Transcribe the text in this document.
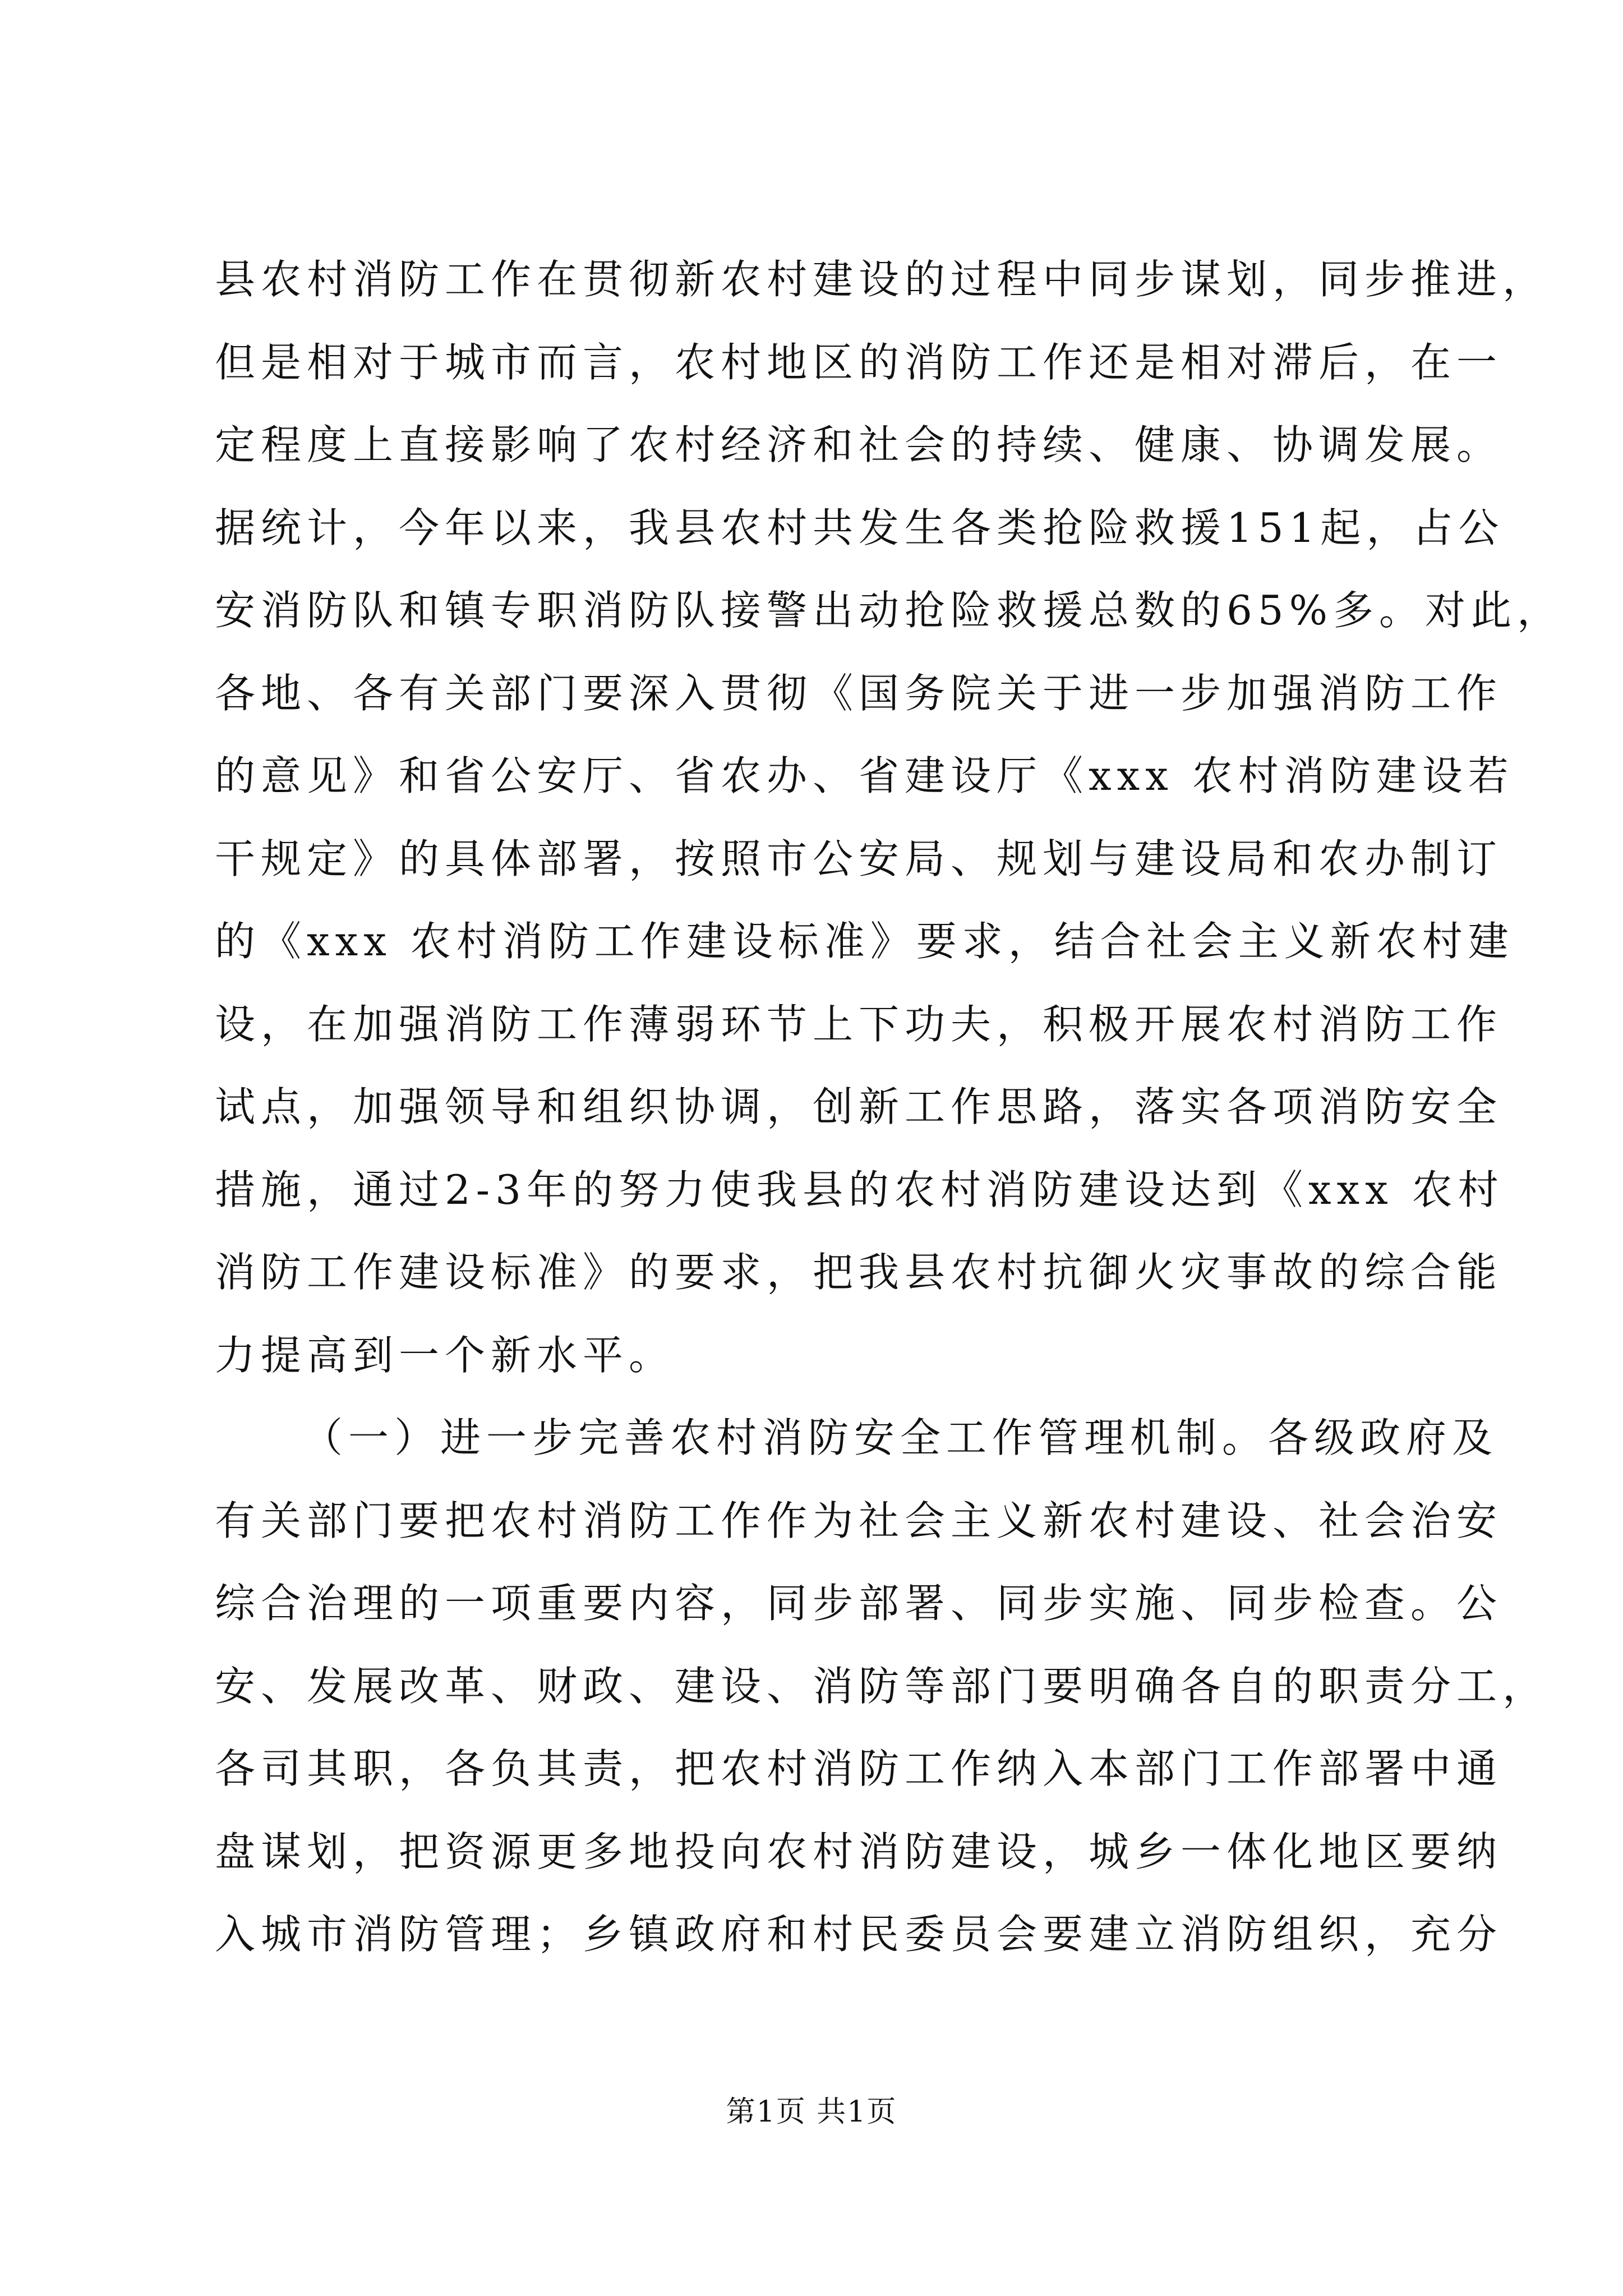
县农村消防工作在贯彻新农村建设的过程中同步谋划，同步推进，
但是相对于城市而言，农村地区的消防工作还是相对滞后，在一
定程度上直接影响了农村经济和社会的持续、健康、协调发展。
据统计，今年以来，我县农村共发生各类抢险救援151起，占公
安消防队和镇专职消防队接警出动抢险救援总数的65%多。对此，
各地、各有关部门要深入贯彻《国务院关于进一步加强消防工作
的意见》和省公安厅、省农办、省建设厅《xxx 农村消防建设若
干规定》的具体部署，按照市公安局、规划与建设局和农办制订
的《xxx 农村消防工作建设标准》要求，结合社会主义新农村建
设，在加强消防工作薄弱环节上下功夫，积极开展农村消防工作
试点，加强领导和组织协调，创新工作思路，落实各项消防安全
措施，通过2-3年的努力使我县的农村消防建设达到《xxx 农村
消防工作建设标准》的要求，把我县农村抗御火灾事故的综合能
力提高到一个新水平。
（一）进一步完善农村消防安全工作管理机制。各级政府及
有关部门要把农村消防工作作为社会主义新农村建设、社会治安
综合治理的一项重要内容，同步部署、同步实施、同步检查。公
安、发展改革、财政、建设、消防等部门要明确各自的职责分工，
各司其职，各负其责，把农村消防工作纳入本部门工作部署中通
盘谋划，把资源更多地投向农村消防建设，城乡一体化地区要纳
入城市消防管理；乡镇政府和村民委员会要建立消防组织，充分
第1页 共1页
